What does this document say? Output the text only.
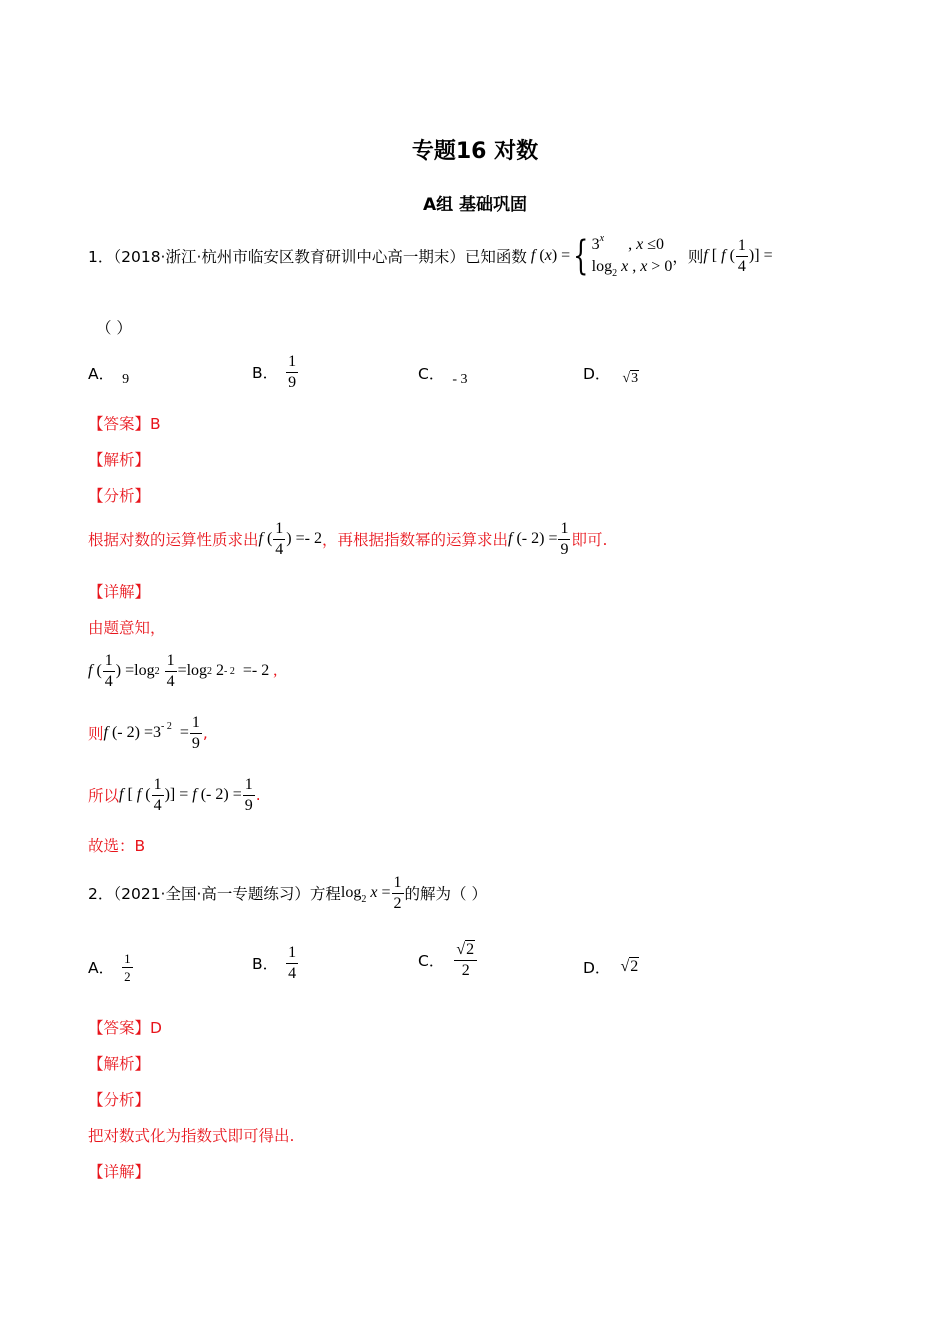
专题16 对数
A组 基础巩固
1．（2018·浙江·杭州市临安区教育研训中心高一期末）已知函数 f (x) = { 3$^x$      , x ≤0
$\log_2 x$ , x > 0 ，则 f [ f ( $\frac{1}{4}$ )] =
（ ）
A． 9	B． $\frac{1}{9}$	C． - 3	D． √3
【答案】B
【解析】
【分析】
根据对数的运算性质求出 f ( $\frac{1}{4}$ ) =- 2 ，再根据指数幂的运算求出 f (- $2) = \frac{1}{9}$ 即可.
【详解】
由题意知，
f ( $\frac{1}{4}$ ) =log 2
$\frac{1}{4} =\log$ 2 2 - 2 =- 2 ,
则 f (- $2) =3^{- 2} = \frac{1}{9}$ ,
所以 f [ f ( $\frac{1}{4}$ )] = f (- $2) = \frac{1}{9}$ .
故选：B
2．（2021·全国·高一专题练习）方程 $\log_2 x = \frac{1}{2}$ 的解为（ ）
A． $\frac{1}{2}$	B． $\frac{1}{4}$	C． $\frac{√2}{2}$	D． √2
【答案】D
【解析】
【分析】
把对数式化为指数式即可得出.
【详解】
